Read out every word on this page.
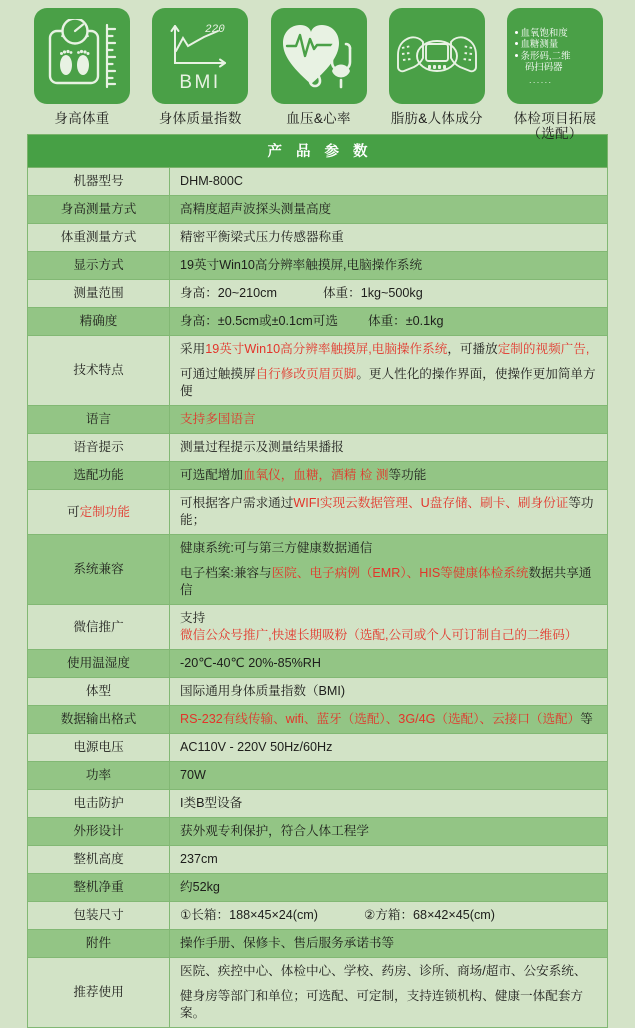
身高体重
220
BMI
身体质量指数	血压&心率	脂肪&人体成分
血氧饱和度
血糖测量
条形码,二维
码扫码器
......
体检项目拓展
（选配）
产 品 参 数	
机器型号	DHM-800C
身高测量方式	高精度超声波探头测量高度
体重测量方式	精密平衡梁式压力传感器称重
显示方式	19英寸Win10高分辨率触摸屏,电脑操作系统
测量范围	身高：20~210cm 体重：1kg~500kg
精确度	身高：±0.5cm或±0.1cm可选 体重：±0.1kg
技术特点	采用19英寸Win10高分辨率触摸屏,电脑操作系统，可播放定制的视频广告,
可通过触摸屏自行修改页眉页脚。更人性化的操作界面，使操作更加简单方便

语言	支持多国语言
语音提示	测量过程提示及测量结果播报
选配功能	可选配增加血氧仪，血糖，酒精 检 测等功能
可定制功能	可根据客户需求通过WIFI实现云数据管理、U盘存储、刷卡、刷身份证等功能；
系统兼容	健康系统:可与第三方健康数据通信
电子档案:兼容与医院、电子病例（EMR）、HIS等健康体检系统数据共享通信

微信推广	支持微信公众号推广,快速长期吸粉（选配,公司或个人可订制自己的二维码）
使用温湿度	-20℃-40℃ 20%-85%RH
体型	国际通用身体质量指数（BMI)
数据输出格式	RS-232有线传输、wifi、蓝牙（选配）、3G/4G（选配）、云接口（选配）等
电源电压	AC110V - 220V 50Hz/60Hz
功率	70W
电击防护	I类B型设备
外形设计	获外观专利保护，符合人体工程学
整机高度	237cm
整机净重	约52kg
包装尺寸	①长箱：188×45×24(cm) ②方箱：68×42×45(cm)
附件	操作手册、保修卡、售后服务承诺书等
推荐使用	医院、疾控中心、体检中心、学校、药房、诊所、商场/超市、公安系统、
健身房等部门和单位；可选配、可定制，支持连锁机构、健康一体配套方案。
